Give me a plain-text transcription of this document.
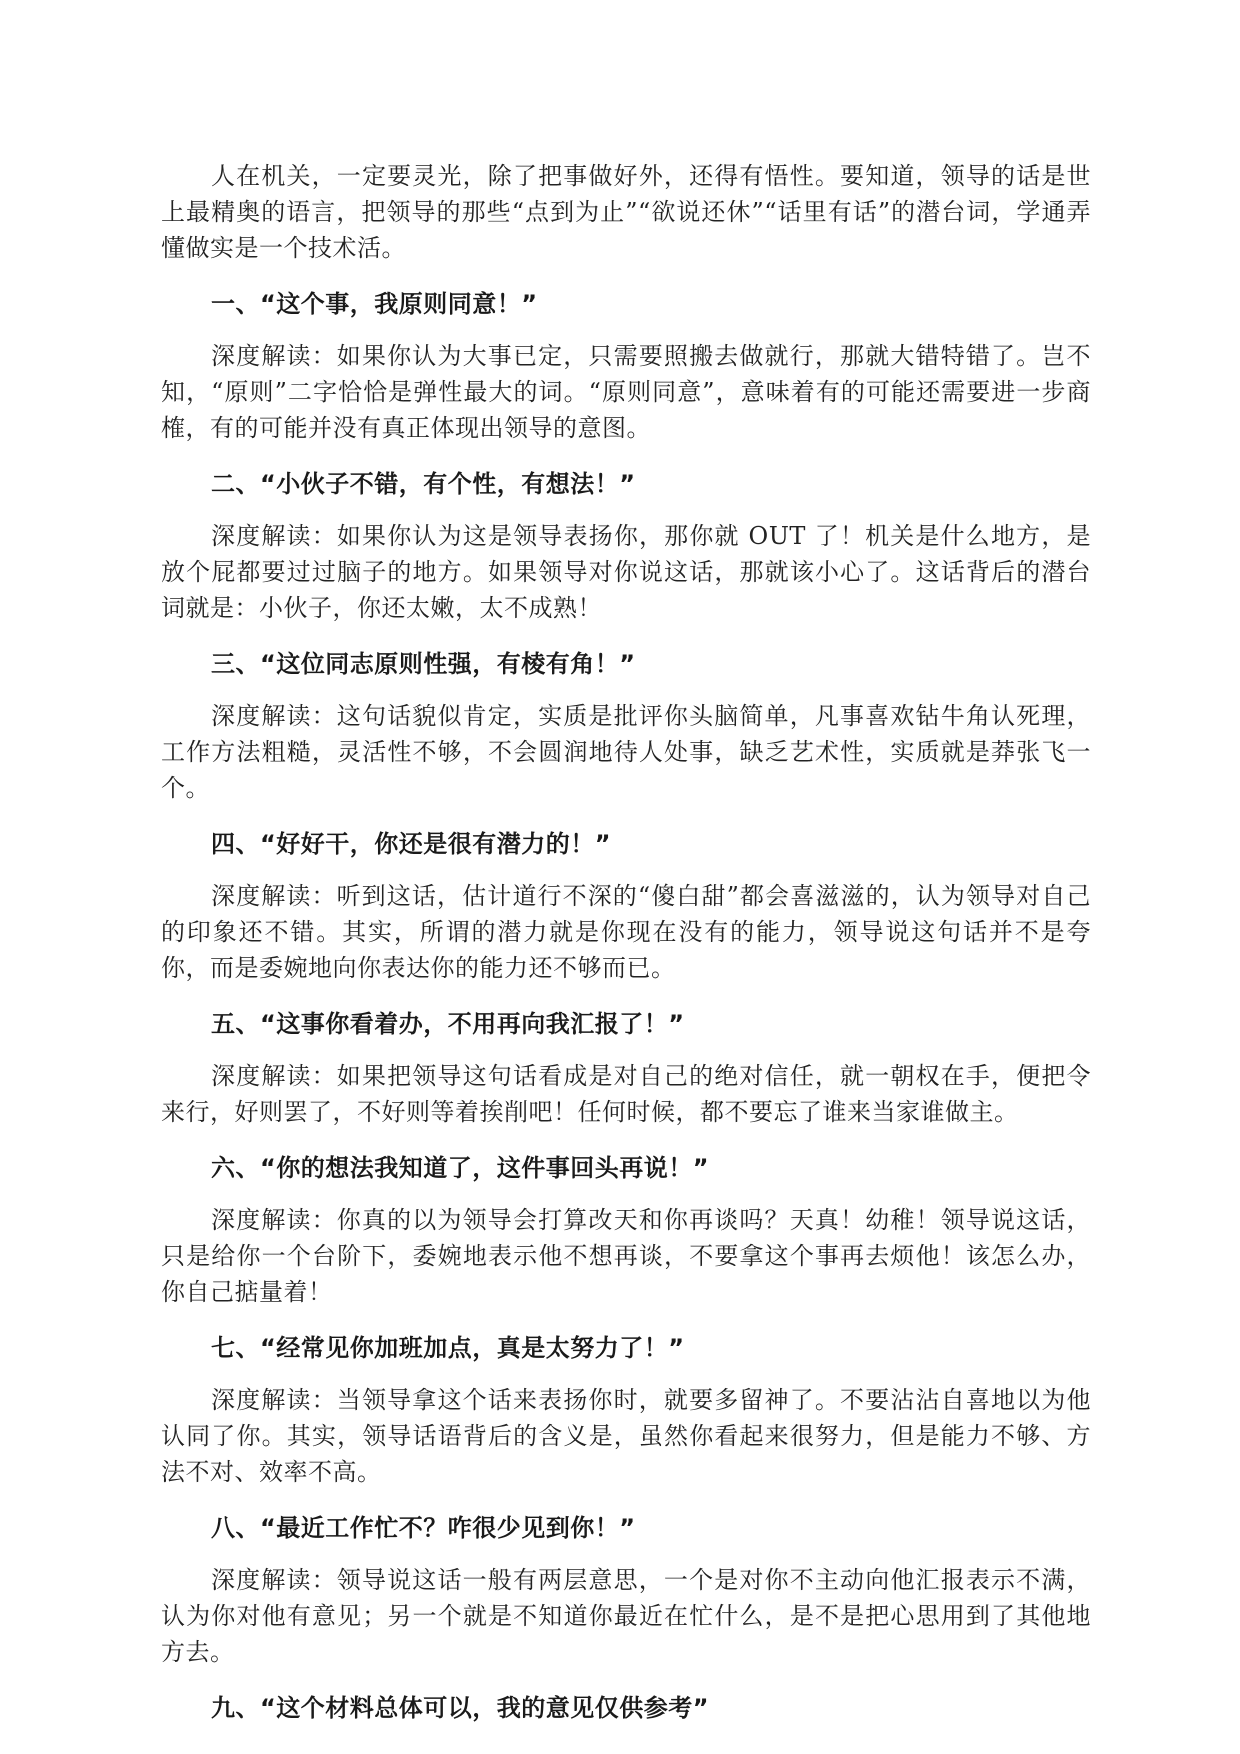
人在机关，一定要灵光，除了把事做好外，还得有悟性。要知道，领导的话是世上最精奥的语言，把领导的那些“点到为止”“欲说还休”“话里有话”的潜台词，学通弄懂做实是一个技术活。

一、“这个事，我原则同意！”

深度解读：如果你认为大事已定，只需要照搬去做就行，那就大错特错了。岂不知，“原则”二字恰恰是弹性最大的词。“原则同意”，意味着有的可能还需要进一步商榷，有的可能并没有真正体现出领导的意图。

二、“小伙子不错，有个性，有想法！”

深度解读：如果你认为这是领导表扬你，那你就 OUT 了！机关是什么地方，是放个屁都要过过脑子的地方。如果领导对你说这话，那就该小心了。这话背后的潜台词就是：小伙子，你还太嫩，太不成熟！

三、“这位同志原则性强，有棱有角！”

深度解读：这句话貌似肯定，实质是批评你头脑简单，凡事喜欢钻牛角认死理，工作方法粗糙，灵活性不够，不会圆润地待人处事，缺乏艺术性，实质就是莽张飞一个。

四、“好好干，你还是很有潜力的！”

深度解读：听到这话，估计道行不深的“傻白甜”都会喜滋滋的，认为领导对自己的印象还不错。其实，所谓的潜力就是你现在没有的能力，领导说这句话并不是夸你，而是委婉地向你表达你的能力还不够而已。

五、“这事你看着办，不用再向我汇报了！”

深度解读：如果把领导这句话看成是对自己的绝对信任，就一朝权在手，便把令来行，好则罢了，不好则等着挨削吧！任何时候，都不要忘了谁来当家谁做主。

六、“你的想法我知道了，这件事回头再说！”

深度解读：你真的以为领导会打算改天和你再谈吗？天真！幼稚！领导说这话，只是给你一个台阶下，委婉地表示他不想再谈，不要拿这个事再去烦他！该怎么办，你自己掂量着！

七、“经常见你加班加点，真是太努力了！”

深度解读：当领导拿这个话来表扬你时，就要多留神了。不要沾沾自喜地以为他认同了你。其实，领导话语背后的含义是，虽然你看起来很努力，但是能力不够、方法不对、效率不高。

八、“最近工作忙不？咋很少见到你！”

深度解读：领导说这话一般有两层意思，一个是对你不主动向他汇报表示不满，认为你对他有意见；另一个就是不知道你最近在忙什么，是不是把心思用到了其他地方去。

九、“这个材料总体可以，我的意见仅供参考”
